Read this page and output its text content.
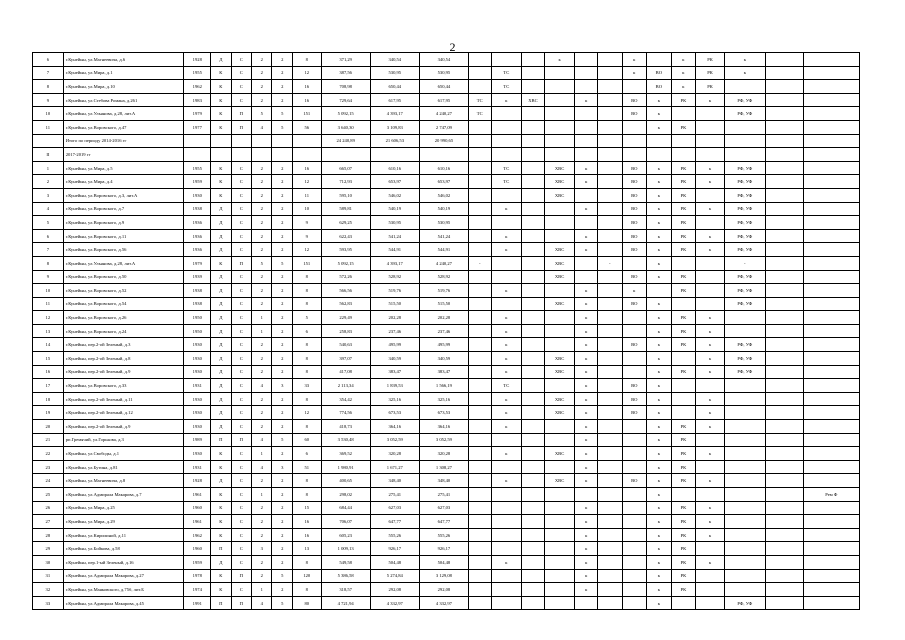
2
6	г.Кунейын, ул.Магнеевича, д.6	1928	Д	С	2	2	8	371,29	340,54	340,54				к			к		к	РК	к		
7	г.Кунейын, ул.Мира, д.1	1955	К	С	2	2	12	387,56	530,95	530,95		ТС					к	ВО	к	РК	к		
8	г.Кунейын, ул.Мира, д.10	1962	К	С	2	2	16	708,98	650,44	650,44		ТС						ВО	к	РК			
9	г.Кунейын, ул.Стебова Романа, д.261	1983	К	С	2	2	16	729,64	617,95	617,95	ТС	к	ХВС		к		ВО	к	РК	к	РФ, УФ		
10	г.Кунейын, ул.Ульянова, д.28, лит.А	1979	К	П	5	5	151	5 092,15	4 393,17	4 240,27	ТС						ВО	к			РФ, УФ		
11	г.Кунейын, ул.Воровского, д.47	1977	К	П	4	5	56	3 640,30	3 109,83	2 747,09								к	РК				
	Итого по периоду 2014-2016 гг							24 240,89	21 606,53	20 990,65													
II	2017-2019 гг																						
1	г.Кунейын, ул.Мира, д.5	1955	К	С	2	2	16	665,07	610,16	610,16		ТС		ХВС	к		ВО	к	РК	к	РФ, УФ		
2	г.Кунейын, ул.Мира, д.4	1959	К	С	2	2	12	712,93	653,97	653,97		ТС		ХВС	к		ВО	к	РК	к	РФ, УФ		
3	г.Кунейын, ул.Воровского, д.3, лит.А	1930	К	С	2	2	11	595,10	546,02	546,02				ХВС			ВО	к	РК		РФ, УФ		
4	г.Кунейын, ул.Воровского, д.7	1938	Д	С	2	2	10	589,81	540,19	540,19		к			к		ВО	к	РК	к	РФ, УФ		
5	г.Кунейын, ул.Воровского, д.9	1936	Д	С	2	2	9	629,25	530,95	530,95							ВО	к	РК		РФ, УФ		
6	г.Кунейын, ул.Воровского, д.11	1936	Д	С	2	2	9	622,43	541,24	541,24		к			к		ВО	к	РК	к	РФ, УФ		
7	г.Кунейын, ул.Воровского, д.56	1936	Д	С	2	2	12	593,95	544,91	544,91		к		ХВС	к		ВО	к	РК	к	РФ, УФ		
8	г.Кунейын, ул.Ульянова, д.28, лит.А	1979	К	П	5	5	151	5 092,15	4 393,17	4 240,27	-			ХВС		-		к			-		
9	г.Кунейын, ул.Воровского, д.50	1939	Д	С	2	2	8	572,26	528,92	528,92				ХВС			ВО	к	РК		РФ, УФ		
10	г.Кунейын, ул.Воровского, д.52	1938	Д	С	2	2	8	566,56	519,76	519,76		к			к		к		РК		РФ, УФ		
11	г.Кунейын, ул.Воровского, д.54	1938	Д	С	2	2	8	562,83	515,50	515,50				ХВС	к		ВО	к			РФ, УФ		
12	г.Кунейын, ул.Воровского, д.26	1950	Д	С	1	2	5	229,49	202,28	202,28		к			к			к	РК	к			
13	г.Кунейын, ул.Воровского, д.24	1950	Д	С	1	2	6	258,83	237,46	237,46		к			к			к	РК	к			
14	г.Кунейын, пер.2-ой Зеленый, д.3	1930	Д	С	2	2	8	540,63	495,99	495,99		к			к		ВО	к	РК	к	РФ, УФ		
15	г.Кунейын, пер.2-ой Зеленый, д.8	1930	Д	С	2	2	8	397,07	340,59	340,59		к		ХВС	к			к		к	РФ, УФ		
16	г.Кунейын, пер.2-ой Зеленый, д.9	1930	Д	С	2	2	8	417,08	383,47	383,47		к		ХВС	к			к	РК	к	РФ, УФ		
17	г.Кунейын, ул.Воровского, д.33	1931	Д	С	4	3	33	2 113,34	1 839,53	1 566,19		ТС			к		ВО	к					
18	г.Кунейын, пер.2-ой Зеленый, д.11	1930	Д	С	2	2	8	354,42	325,16	325,16		к		ХВС	к		ВО	к		к			
19	г.Кунейын, пер.2-ой Зеленый, д.12	1930	Д	С	2	2	12	774,56	673,53	673,53		к		ХВС	к		ВО	к		к			
20	г.Кунейын, пер.2-ой Зеленый, д.9	1930	Д	С	2	2	8	418,73	364,16	364,16		к			к			к	РК	к			
21	рп.Гремячий, ул.Горькова, д.3	1989	П	П	4	5	60	3 530,48	3 052,59	3 052,59					к			к	РК				
22	г.Кунейын, ул.Свободы, д.1	1930	К	С	1	2	6	369,52	320,28	320,28		к		ХВС	к			к	РК	к			
23	г.Кунейын, ул.Бутина, д.81	1931	К	С	4	3	51	1 980,91	1 671,27	1 308,27					к			к	РК				
24	г.Кунейын, ул.Магнеевича, д.8	1928	Д	С	2	2	8	400,65	348,40	348,40		к		ХВС	к		ВО	к	РК	к			
25	г.Кунейын, ул.Адмирала Макарова, д.7	1961	К	С	1	2	8	298,02	275,41	275,41								к					Рем Ф
26	г.Кунейын, ул.Мира, д.25	1960	К	С	2	2	15	684,44	627,03	627,03					к			к	РК	к			
27	г.Кунейын, ул.Мира, д.29	1961	К	С	2	2	16	706,07	647,77	647,77					к			к	РК	к			
28	г.Кунейын, ул.Кирилиной, д.11	1962	К	С	2	2	16	605,23	555,26	555,26					к			к	РК	к			
29	г.Кунейын, ул.Бойкова, д.58	1960	П	С	3	2	13	1 009,13	926,17	926,17					к			к	РК				
30	г.Кунейын, пер.1-ый Зеленый, д.16	1959	Д	С	2	2	8	549,58	504,48	504,48		к			к			к	РК	к			
31	г.Кунейын, ул.Адмирала Макарова, д.27	1978	К	П	2	5	120	5 386,58	5 274,84	3 129,08					к			к	РК				
32	г.Кунейын, ул.Маяковского, д.75б, лит.Б	1974	К	С	1	2	8	318,57	292,08	292,08					к			к	РК				
33	г.Кунейын, ул.Адмирала Макарова, д.45	1991	П	П	4	5	80	4 721,94	4 332,97	4 332,97								к			РФ, УФ		
